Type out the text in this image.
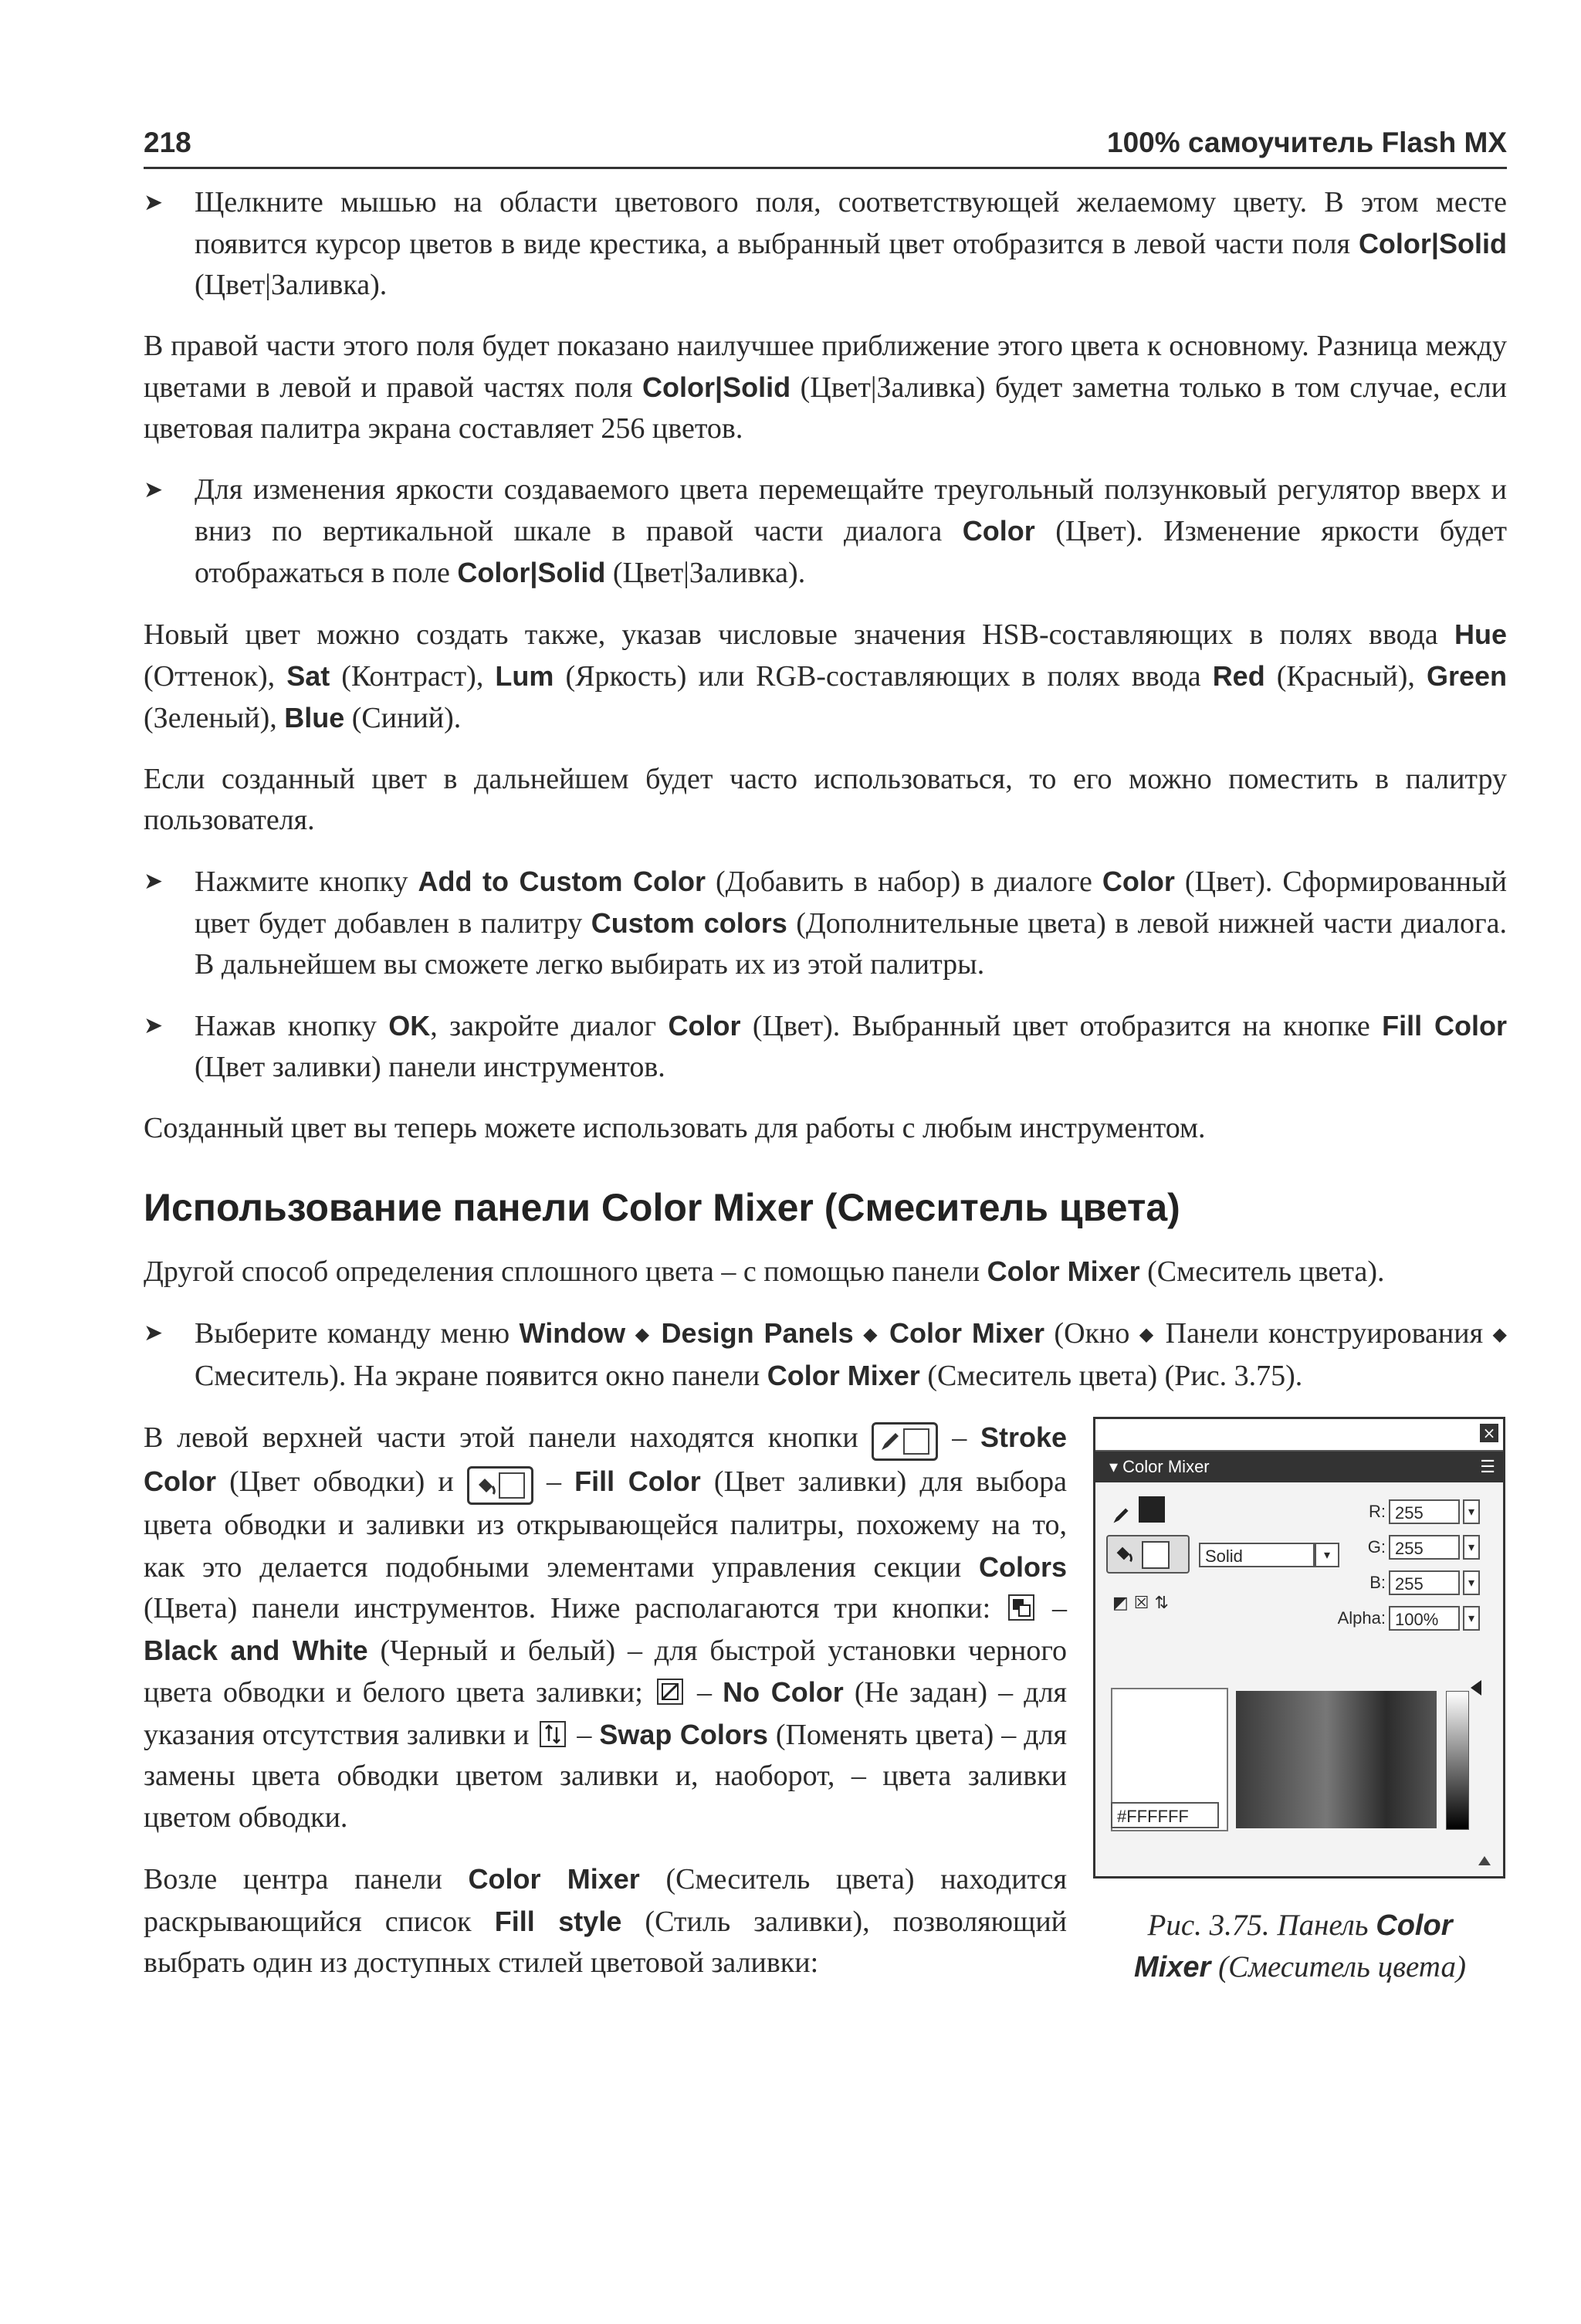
218	100% самоучитель Flash MX

➤ Щелкните мышью на области цветового поля, соответствующей желаемому цвету. В этом месте появится курсор цветов в виде крестика, а выбранный цвет отобразится в левой части поля Color|Solid (Цвет|Заливка).

В правой части этого поля будет показано наилучшее приближение этого цвета к основному. Разница между цветами в левой и правой частях поля Color|Solid (Цвет|Заливка) будет заметна только в том случае, если цветовая палитра экрана составляет 256 цветов.

➤ Для изменения яркости создаваемого цвета перемещайте треугольный ползунковый регулятор вверх и вниз по вертикальной шкале в правой части диалога Color (Цвет). Изменение яркости будет отображаться в поле Color|Solid (Цвет|Заливка).

Новый цвет можно создать также, указав числовые значения HSB-составляющих в полях ввода Hue (Оттенок), Sat (Контраст), Lum (Яркость) или RGB-составляющих в полях ввода Red (Красный), Green (Зеленый), Blue (Синий).

Если созданный цвет в дальнейшем будет часто использоваться, то его можно поместить в палитру пользователя.

➤ Нажмите кнопку Add to Custom Color (Добавить в набор) в диалоге Color (Цвет). Сформированный цвет будет добавлен в палитру Custom colors (Дополнительные цвета) в левой нижней части диалога. В дальнейшем вы сможете легко выбирать их из этой палитры.

➤ Нажав кнопку OK, закройте диалог Color (Цвет). Выбранный цвет отобразится на кнопке Fill Color (Цвет заливки) панели инструментов.

Созданный цвет вы теперь можете использовать для работы с любым инструментом.

Использование панели Color Mixer (Смеситель цвета)

Другой способ определения сплошного цвета – с помощью панели Color Mixer (Смеситель цвета).

➤ Выберите команду меню Window ◆ Design Panels ◆ Color Mixer (Окно ◆ Панели конструирования ◆ Смеситель). На экране появится окно панели Color Mixer (Смеситель цвета) (Рис. 3.75).

В левой верхней части этой панели находятся кнопки  – Stroke Color (Цвет обводки) и  – Fill Color (Цвет заливки) для выбора цвета обводки и заливки из открывающейся палитры, похожему на то, как это делается подобными элементами управления секции Colors (Цвета) панели инструментов. Ниже располагаются три кнопки:
– Black and White (Черный и белый) – для быстрой установки черного цвета обводки и белого цвета заливки;
– No Color (Не задан) – для указания отсутствия заливки и
– Swap Colors (Поменять цвета) – для замены цвета обводки цветом заливки и, наоборот, – цвета заливки цветом обводки.

Возле центра панели Color Mixer (Смеситель цвета) находится раскрывающийся список Fill style (Стиль заливки), позволяющий выбрать один из доступных стилей цветовой заливки:

×
▾ Color Mixer	☰

◩ ☒ ⇅
Solid	▾
R: 255	▾
G: 255	▾
B: 255	▾
Alpha: 100%	▾
#FFFFFF
Рис. 3.75. Панель Color
Mixer (Смеситель цвета)
